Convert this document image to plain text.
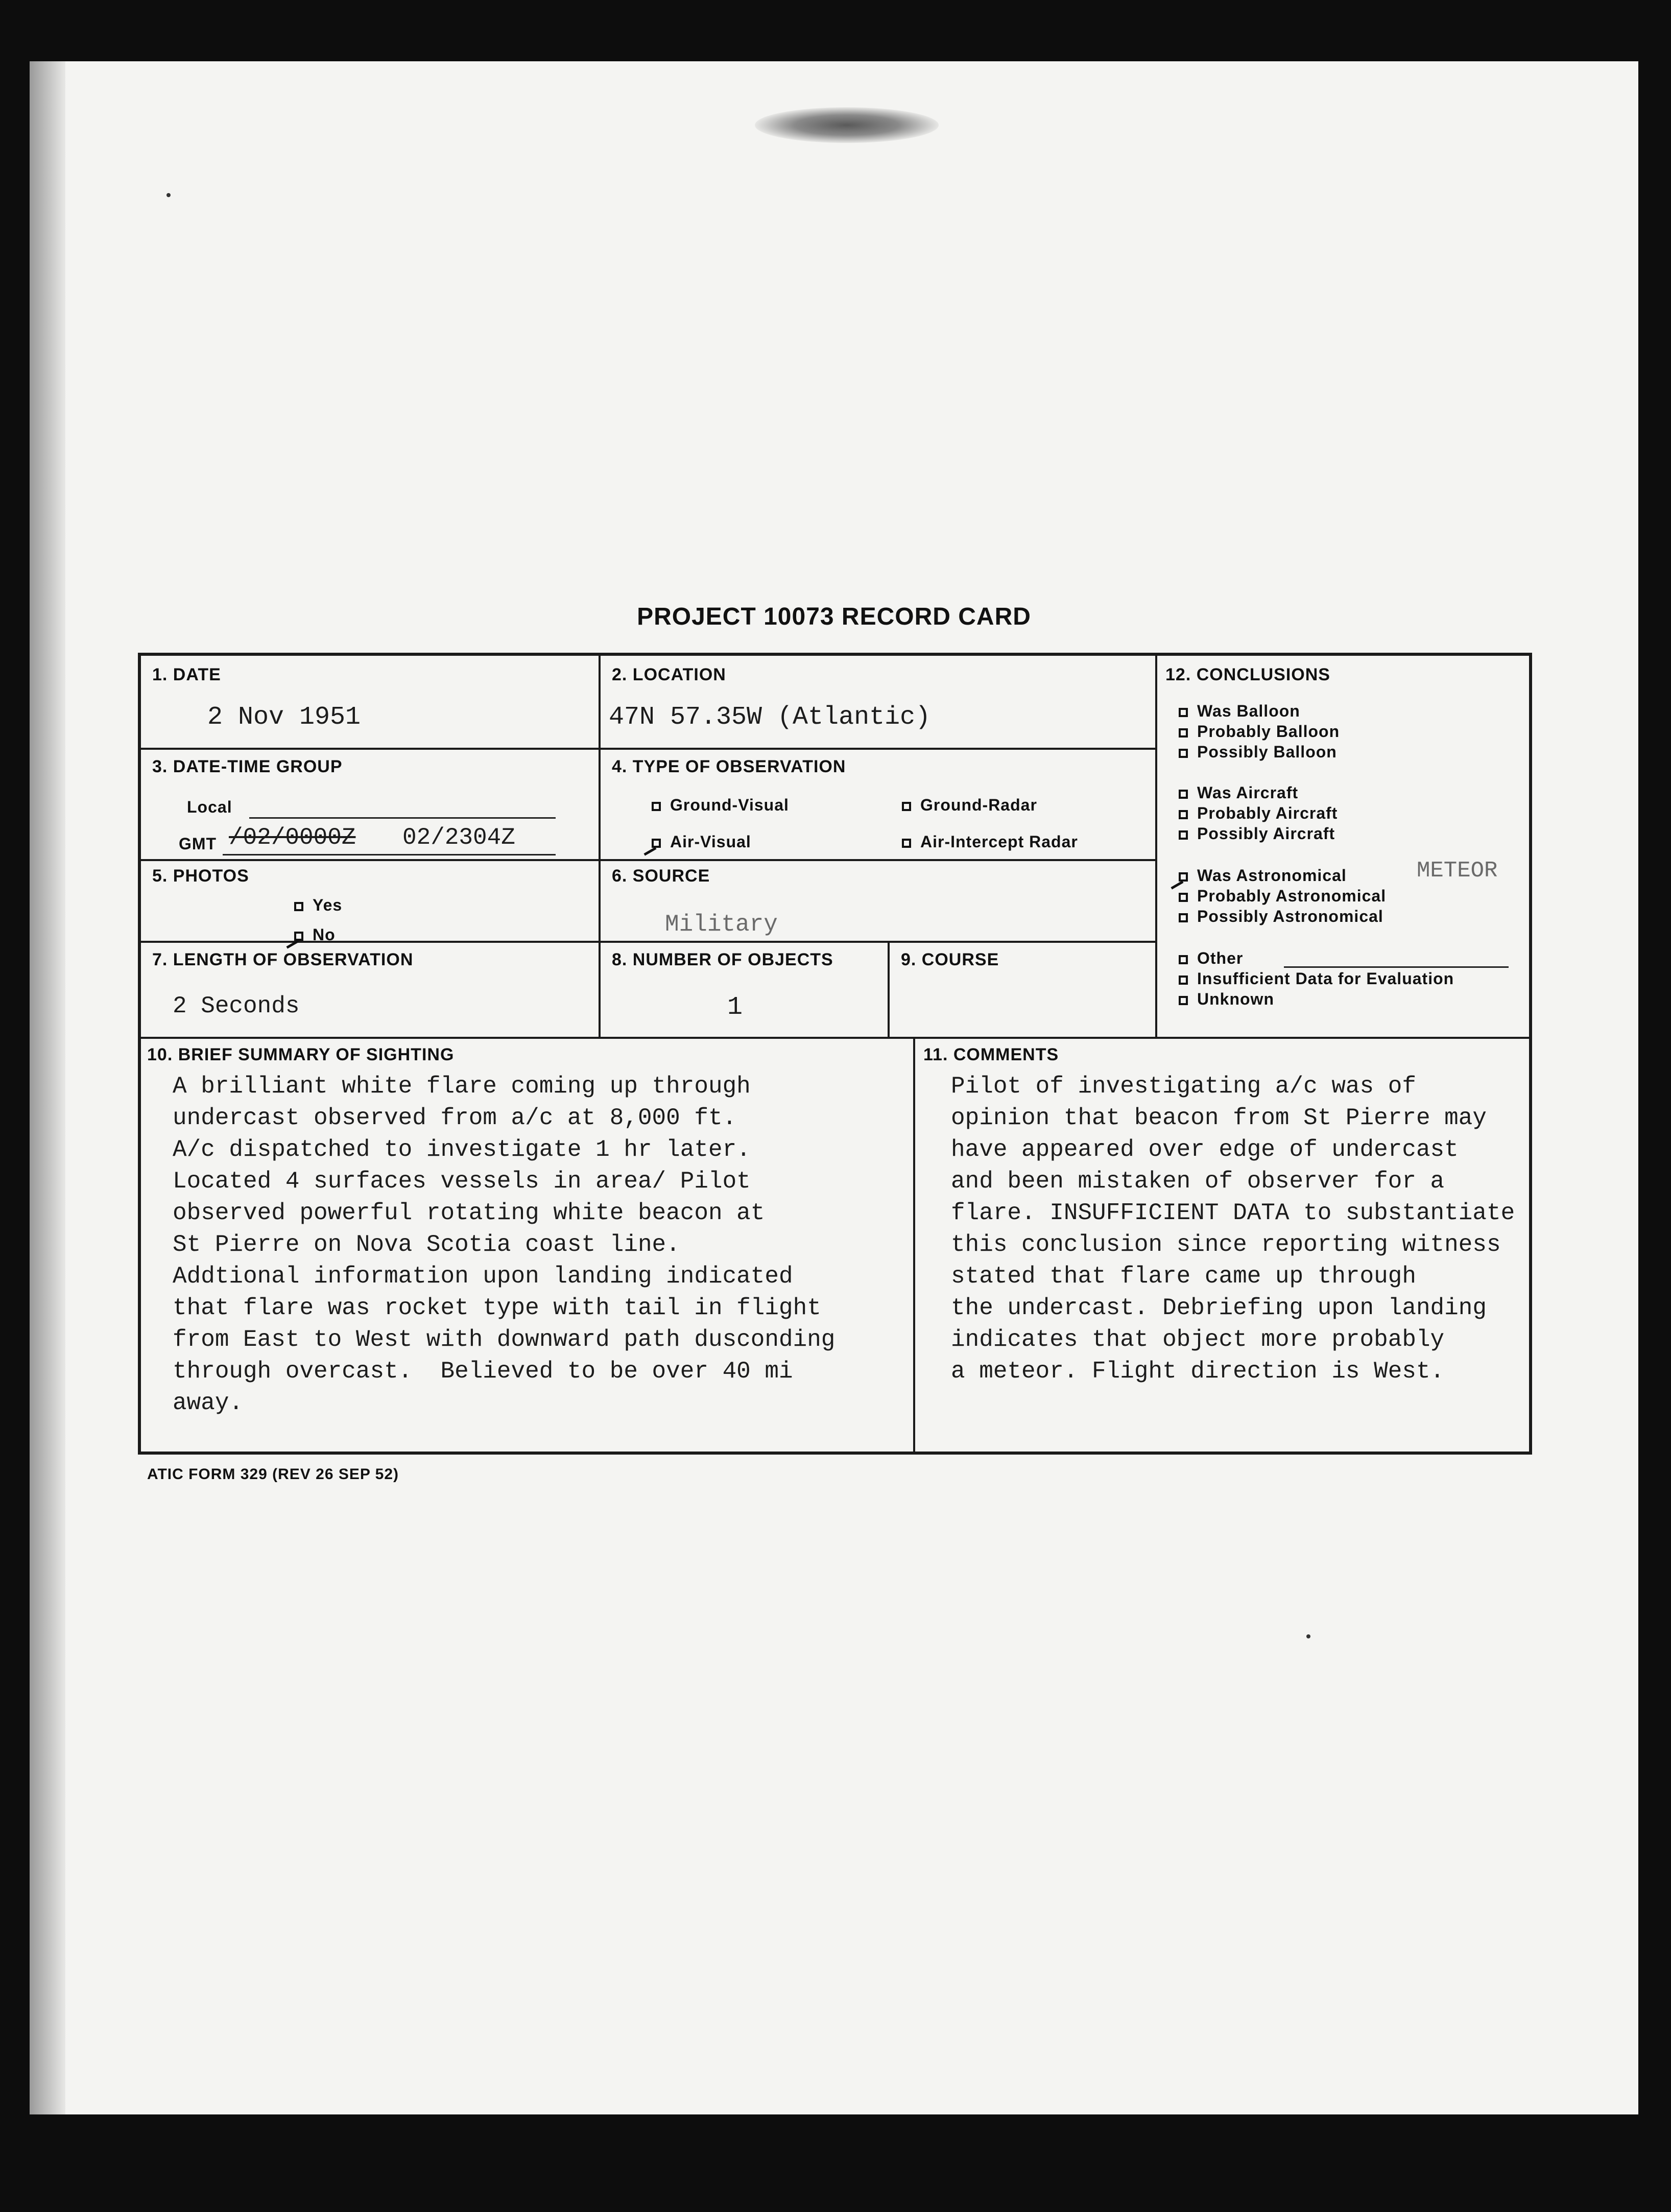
PROJECT 10073 RECORD CARD
1. DATE
2 Nov 1951
2. LOCATION
47N 57.35W (Atlantic)
3. DATE-TIME GROUP
Local
GMT /02/0000Z 02/2304Z
4. TYPE OF OBSERVATION
Ground-Visual	Ground-Radar
Air-Visual	Air-Intercept Radar
5. PHOTOS
Yes
No
6. SOURCE
Military
7. LENGTH OF OBSERVATION
2 Seconds
8. NUMBER OF OBJECTS
1
9. COURSE
12. CONCLUSIONS
Was Balloon
Probably Balloon
Possibly Balloon
Was Aircraft
Probably Aircraft
Possibly Aircraft
Was Astronomical	METEOR
Probably Astronomical
Possibly Astronomical
Other
Insufficient Data for Evaluation
Unknown
10. BRIEF SUMMARY OF SIGHTING
A brilliant white flare coming up through
undercast observed from a/c at 8,000 ft.
A/c dispatched to investigate 1 hr later.
Located 4 surfaces vessels in area/ Pilot
observed powerful rotating white beacon at
St Pierre on Nova Scotia coast line.
Addtional information upon landing indicated
that flare was rocket type with tail in flight
from East to West with downward path dusconding
through overcast.  Believed to be over 40 mi
away.
11. COMMENTS
Pilot of investigating a/c was of
opinion that beacon from St Pierre may
have appeared over edge of undercast
and been mistaken of observer for a
flare. INSUFFICIENT DATA to substantiate
this conclusion since reporting witness
stated that flare came up through
the undercast. Debriefing upon landing
indicates that object more probably
a meteor. Flight direction is West.
ATIC FORM 329 (REV 26 SEP 52)
